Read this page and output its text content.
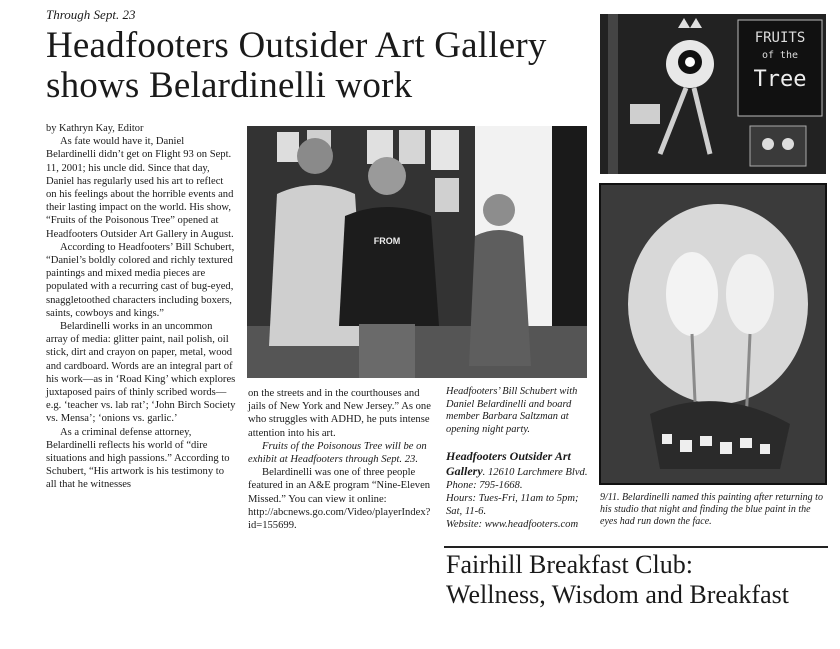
Through Sept. 23
Headfooters Outsider Art Gallery shows Belardinelli work

by Kathryn Kay, Editor

As fate would have it, Daniel Belardinelli didn’t get on Flight 93 on Sept. 11, 2001; his uncle did. Since that day, Daniel has regularly used his art to reflect on his feelings about the horrible events and their lasting impact on the world. His show, “Fruits of the Poisonous Tree” opened at Headfooters Outsider Art Gallery in August.

According to Headfooters’ Bill Schubert, “Daniel’s boldly colored and richly textured paintings and mixed media pieces are populated with a recurring cast of bug-eyed, snaggletoothed characters including boxers, saints, cowboys and kings.”

Belardinelli works in an uncommon array of media: glitter paint, nail polish, oil stick, dirt and crayon on paper, metal, wood and cardboard. Words are an integral part of his work—as in ‘Road King’ which explores juxtaposed pairs of thinly scribed words—e.g. ‘teacher vs. lab rat’; ‘John Birch Society vs. Mensa’; ‘onions vs. garlic.’

As a criminal defense attorney, Belardinelli reflects his world of “dire situations and high passions.” According to Schubert, “His artwork is his testimony to all that he witnesses

FROM

on the streets and in the courthouses and jails of New York and New Jersey.” As one who struggles with ADHD, he puts intense attention into his art.

Fruits of the Poisonous Tree will be on exhibit at Headfooters through Sept. 23.

Belardinelli was one of three people featured in an A&E program “Nine-Eleven Missed.” You can view it online: http://abcnews.go.com/Video/playerIndex?id=155699.

Headfooters’ Bill Schubert with Daniel Belardinelli and board member Barbara Saltzman at opening night party.

Headfooters Outsider Art Gallery. 12610 Larchmere Blvd. Phone: 795-1668.

Hours: Tues-Fri, 11am to 5pm; Sat, 11-6.

Website: www.headfooters.com

FRUITS
of the
Tree
9/11. Belardinelli named this painting after returning to his studio that night and finding the blue paint in the eyes had run down the face.
Fairhill Breakfast Club:
Wellness, Wisdom and Breakfast
